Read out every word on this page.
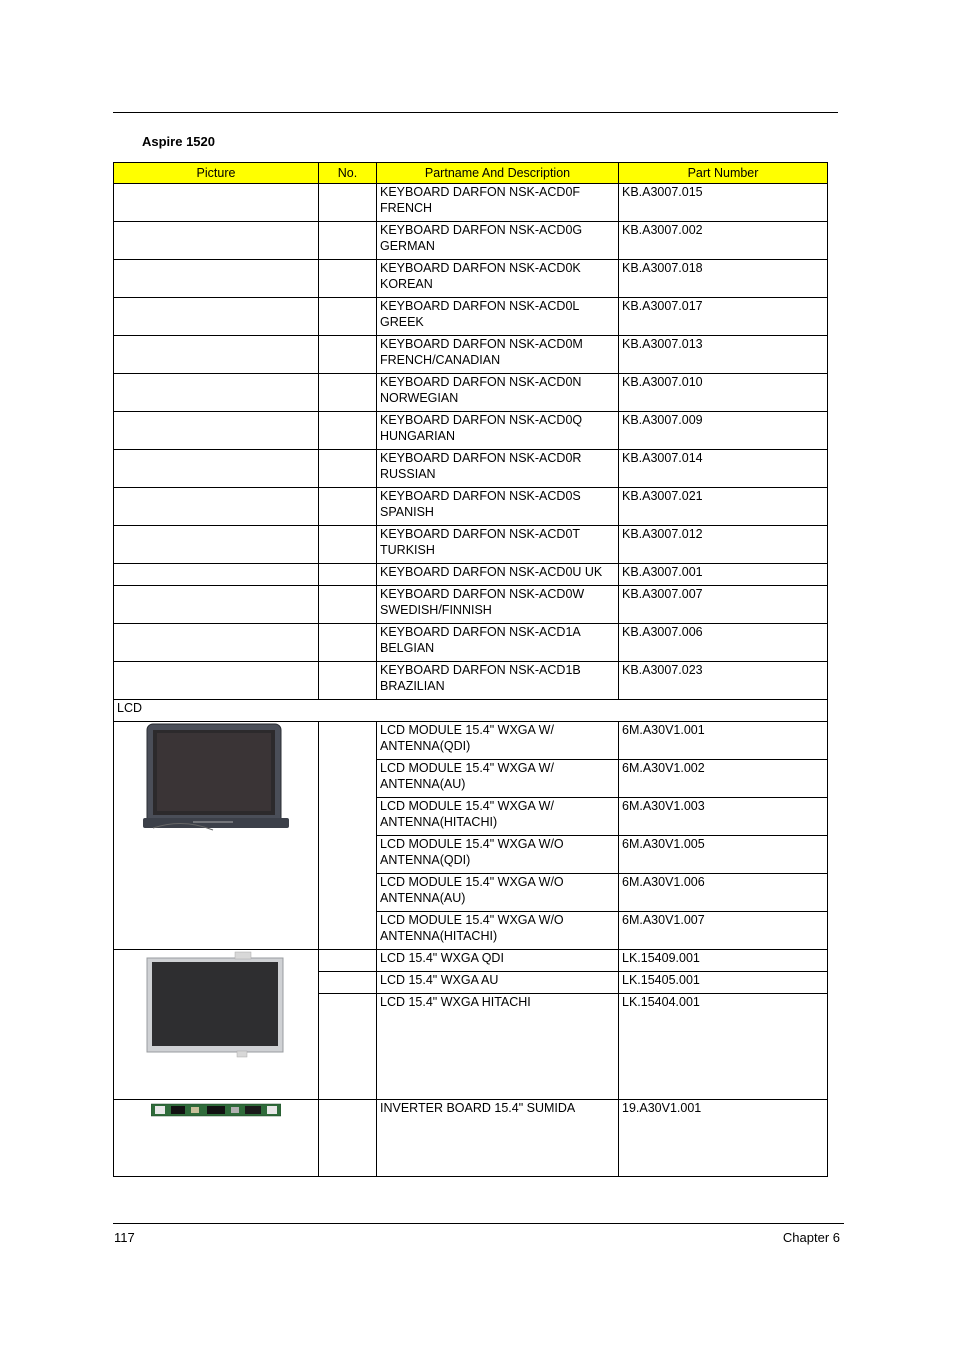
Aspire 1520
Picture	No.	Partname And Description	Part Number
		KEYBOARD DARFON NSK-ACD0F
FRENCH	KB.A3007.015
		KEYBOARD DARFON NSK-ACD0G
GERMAN	KB.A3007.002
		KEYBOARD DARFON NSK-ACD0K
KOREAN	KB.A3007.018
		KEYBOARD DARFON NSK-ACD0L
GREEK	KB.A3007.017
		KEYBOARD DARFON NSK-ACD0M
FRENCH/CANADIAN	KB.A3007.013
		KEYBOARD DARFON NSK-ACD0N
NORWEGIAN	KB.A3007.010
		KEYBOARD DARFON NSK-ACD0Q
HUNGARIAN	KB.A3007.009
		KEYBOARD DARFON NSK-ACD0R
RUSSIAN	KB.A3007.014
		KEYBOARD DARFON NSK-ACD0S
SPANISH	KB.A3007.021
		KEYBOARD DARFON NSK-ACD0T
TURKISH	KB.A3007.012
		KEYBOARD DARFON NSK-ACD0U UK	KB.A3007.001
		KEYBOARD DARFON NSK-ACD0W
SWEDISH/FINNISH	KB.A3007.007
		KEYBOARD DARFON NSK-ACD1A
BELGIAN	KB.A3007.006
		KEYBOARD DARFON NSK-ACD1B
BRAZILIAN	KB.A3007.023
LCD			

		LCD MODULE 15.4" WXGA W/
ANTENNA(QDI)	6M.A30V1.001
		LCD MODULE 15.4" WXGA W/
ANTENNA(AU)	6M.A30V1.002
		LCD MODULE 15.4" WXGA W/
ANTENNA(HITACHI)	6M.A30V1.003
		LCD MODULE 15.4" WXGA W/O
ANTENNA(QDI)	6M.A30V1.005
		LCD MODULE 15.4" WXGA W/O
ANTENNA(AU)	6M.A30V1.006
		LCD MODULE 15.4" WXGA W/O
ANTENNA(HITACHI)	6M.A30V1.007

		LCD 15.4" WXGA QDI	LK.15409.001
		LCD 15.4" WXGA AU	LK.15405.001
		LCD 15.4" WXGA HITACHI	LK.15404.001

		INVERTER BOARD 15.4" SUMIDA	19.A30V1.001
117	Chapter 6
